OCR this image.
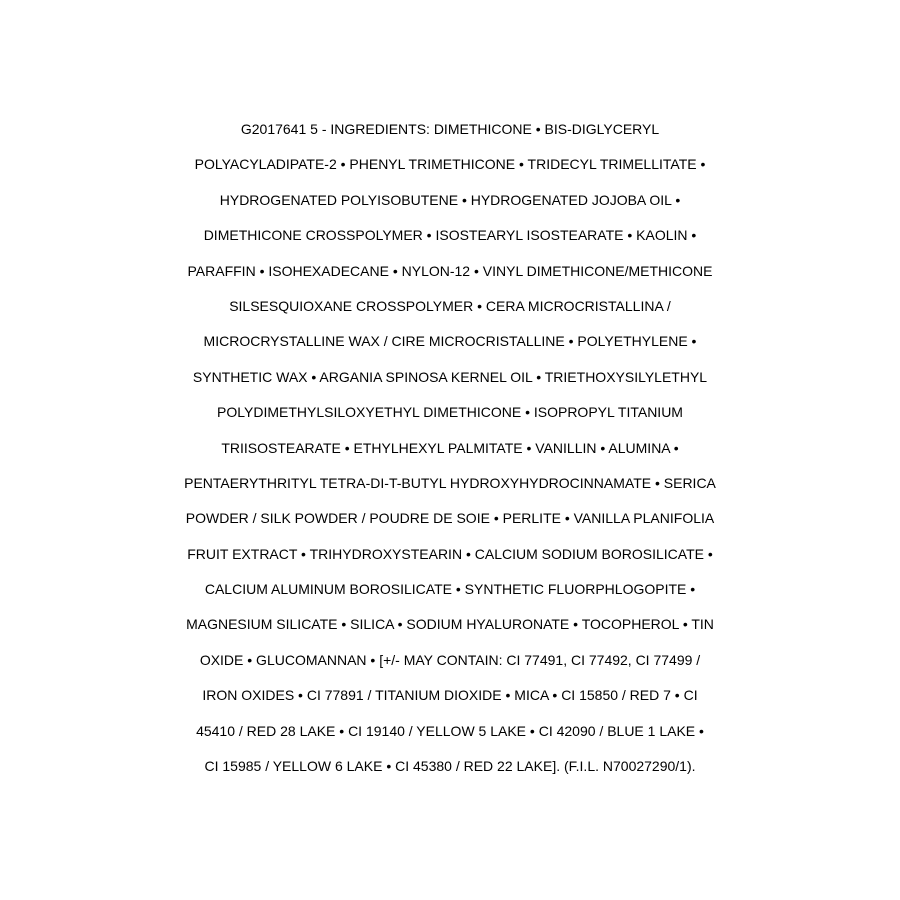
G2017641 5 - INGREDIENTS: DIMETHICONE • BIS-DIGLYCERYL
POLYACYLADIPATE-2 • PHENYL TRIMETHICONE • TRIDECYL TRIMELLITATE •
HYDROGENATED POLYISOBUTENE • HYDROGENATED JOJOBA OIL •
DIMETHICONE CROSSPOLYMER • ISOSTEARYL ISOSTEARATE • KAOLIN •
PARAFFIN • ISOHEXADECANE • NYLON-12 • VINYL DIMETHICONE/METHICONE
SILSESQUIOXANE CROSSPOLYMER • CERA MICROCRISTALLINA /
MICROCRYSTALLINE WAX / CIRE MICROCRISTALLINE • POLYETHYLENE •
SYNTHETIC WAX • ARGANIA SPINOSA KERNEL OIL • TRIETHOXYSILYLETHYL
POLYDIMETHYLSILOXYETHYL DIMETHICONE • ISOPROPYL TITANIUM
TRIISOSTEARATE • ETHYLHEXYL PALMITATE • VANILLIN • ALUMINA •
PENTAERYTHRITYL TETRA-DI-T-BUTYL HYDROXYHYDROCINNAMATE • SERICA
POWDER / SILK POWDER / POUDRE DE SOIE • PERLITE • VANILLA PLANIFOLIA
FRUIT EXTRACT • TRIHYDROXYSTEARIN • CALCIUM SODIUM BOROSILICATE •
CALCIUM ALUMINUM BOROSILICATE • SYNTHETIC FLUORPHLOGOPITE •
MAGNESIUM SILICATE • SILICA • SODIUM HYALURONATE • TOCOPHEROL • TIN
OXIDE • GLUCOMANNAN • [+/- MAY CONTAIN: CI 77491, CI 77492, CI 77499 /
IRON OXIDES • CI 77891 / TITANIUM DIOXIDE • MICA • CI 15850 / RED 7 • CI
45410 / RED 28 LAKE • CI 19140 / YELLOW 5 LAKE • CI 42090 / BLUE 1 LAKE •
CI 15985 / YELLOW 6 LAKE • CI 45380 / RED 22 LAKE]. (F.I.L. N70027290/1).
